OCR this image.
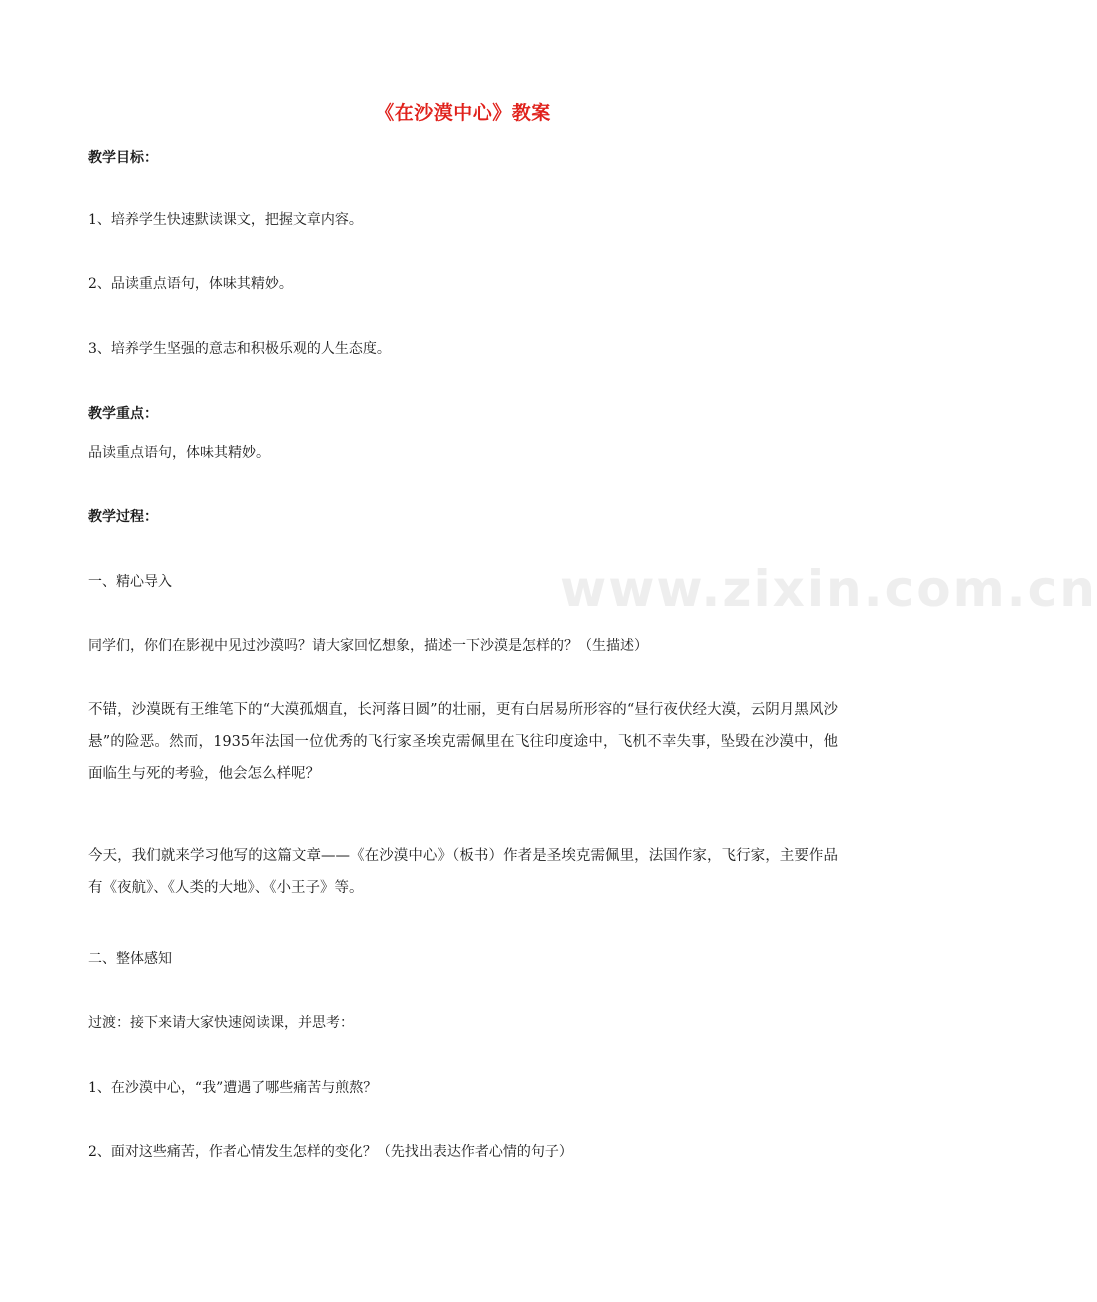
www.zixin.com.cn
《在沙漠中心》教案
教学目标：
1、培养学生快速默读课文，把握文章内容。
2、品读重点语句，体味其精妙。
3、培养学生坚强的意志和积极乐观的人生态度。
教学重点：
品读重点语句，体味其精妙。
教学过程：
一、精心导入
同学们，你们在影视中见过沙漠吗？请大家回忆想象，描述一下沙漠是怎样的？（生描述）
不错，沙漠既有王维笔下的“大漠孤烟直，长河落日圆”的壮丽，更有白居易所形容的“昼行夜伏经大漠，云阴月黑风沙悬”的险恶。然而，1935年法国一位优秀的飞行家圣埃克需佩里在飞往印度途中，飞机不幸失事，坠毁在沙漠中，他面临生与死的考验，他会怎么样呢？
今天，我们就来学习他写的这篇文章——《在沙漠中心》（板书）作者是圣埃克需佩里，法国作家，飞行家，主要作品有《夜航》、《人类的大地》、《小王子》等。
二、整体感知
过渡：接下来请大家快速阅读课，并思考：
1、在沙漠中心，“我”遭遇了哪些痛苦与煎熬？
2、面对这些痛苦，作者心情发生怎样的变化？（先找出表达作者心情的句子）
